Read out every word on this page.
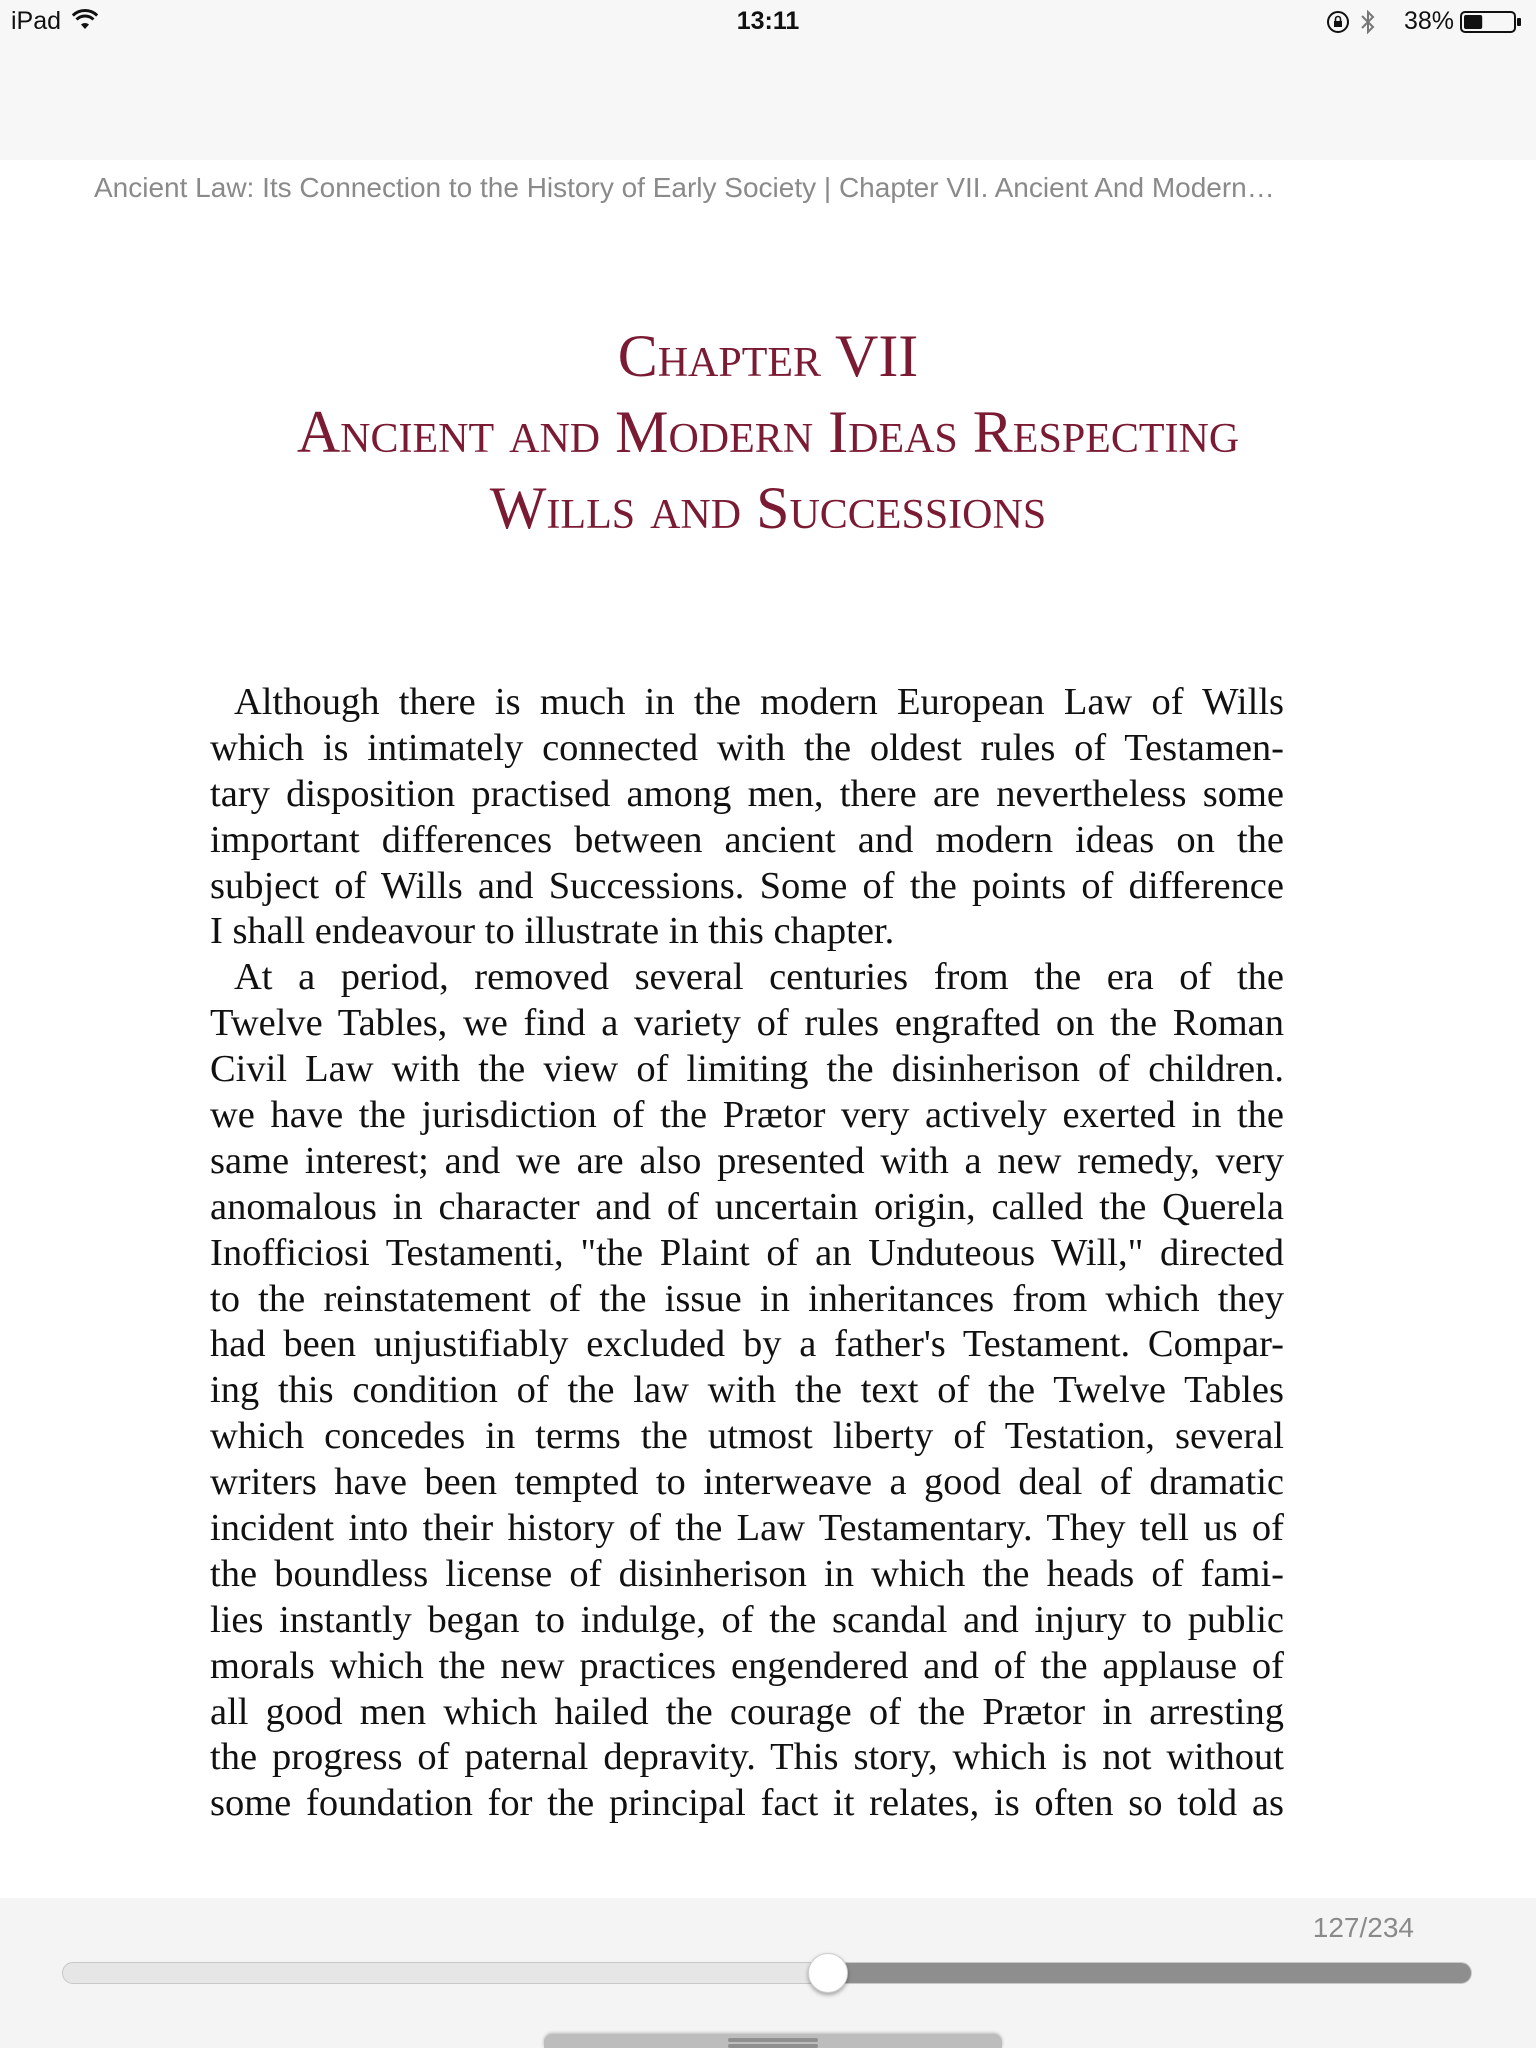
iPad	13:11	38%
Ancient Law: Its Connection to the History of Early Society | Chapter VII. Ancient And Modern…
Chapter VII
Ancient and Modern Ideas Respecting
Wills and Successions
Although there is much in the modern European Law of Wills
which is intimately connected with the oldest rules of Testamen-
tary disposition practised among men, there are nevertheless some
important differences between ancient and modern ideas on the
subject of Wills and Successions. Some of the points of difference
I shall endeavour to illustrate in this chapter.
At a period, removed several centuries from the era of the
Twelve Tables, we find a variety of rules engrafted on the Roman
Civil Law with the view of limiting the disinherison of children.
we have the jurisdiction of the Prætor very actively exerted in the
same interest; and we are also presented with a new remedy, very
anomalous in character and of uncertain origin, called the Querela
Inofficiosi Testamenti, "the Plaint of an Unduteous Will," directed
to the reinstatement of the issue in inheritances from which they
had been unjustifiably excluded by a father's Testament. Compar-
ing this condition of the law with the text of the Twelve Tables
which concedes in terms the utmost liberty of Testation, several
writers have been tempted to interweave a good deal of dramatic
incident into their history of the Law Testamentary. They tell us of
the boundless license of disinherison in which the heads of fami-
lies instantly began to indulge, of the scandal and injury to public
morals which the new practices engendered and of the applause of
all good men which hailed the courage of the Prætor in arresting
the progress of paternal depravity. This story, which is not without
some foundation for the principal fact it relates, is often so told as
127/234
